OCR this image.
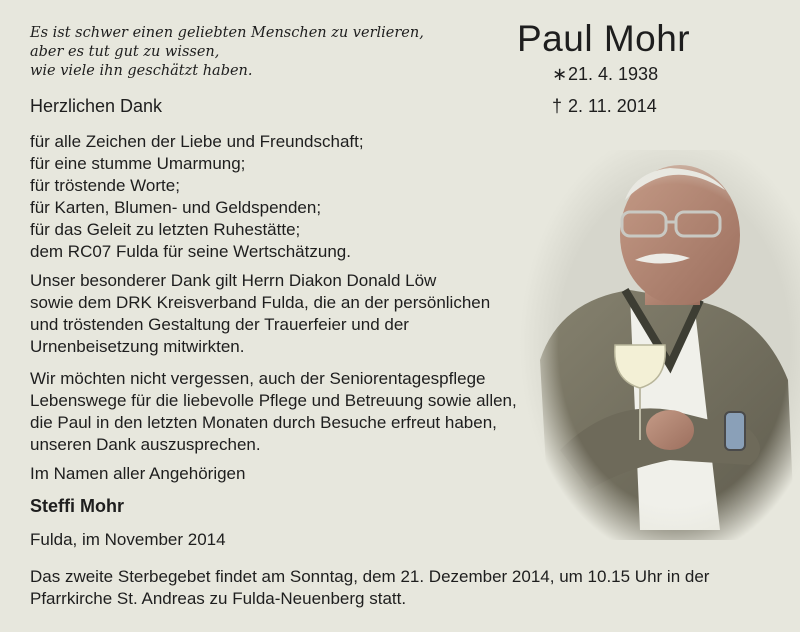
Es ist schwer einen geliebten Menschen zu verlieren,
aber es tut gut zu wissen,
wie viele ihn geschätzt haben.
Herzlichen Dank
für alle Zeichen der Liebe und Freundschaft;
für eine stumme Umarmung;
für tröstende Worte;
für Karten, Blumen- und Geldspenden;
für das Geleit zu letzten Ruhestätte;
dem RC07 Fulda für seine Wertschätzung.
Unser besonderer Dank gilt Herrn Diakon Donald Löw
sowie dem DRK Kreisverband Fulda, die an der persönlichen
und tröstenden Gestaltung der Trauerfeier und der
Urnenbeisetzung mitwirkten.
Wir möchten nicht vergessen, auch der Seniorentagespflege
Lebenswege für die liebevolle Pflege und Betreuung sowie allen,
die Paul in den letzten Monaten durch Besuche erfreut haben,
unseren Dank auszusprechen.
Im Namen aller Angehörigen
Steffi Mohr
Fulda, im November 2014
Das zweite Sterbegebet findet am Sonntag, dem 21. Dezember 2014, um 10.15 Uhr in der
Pfarrkirche St. Andreas zu Fulda-Neuenberg statt.
Paul Mohr
∗21. 4. 1938
† 2. 11. 2014
